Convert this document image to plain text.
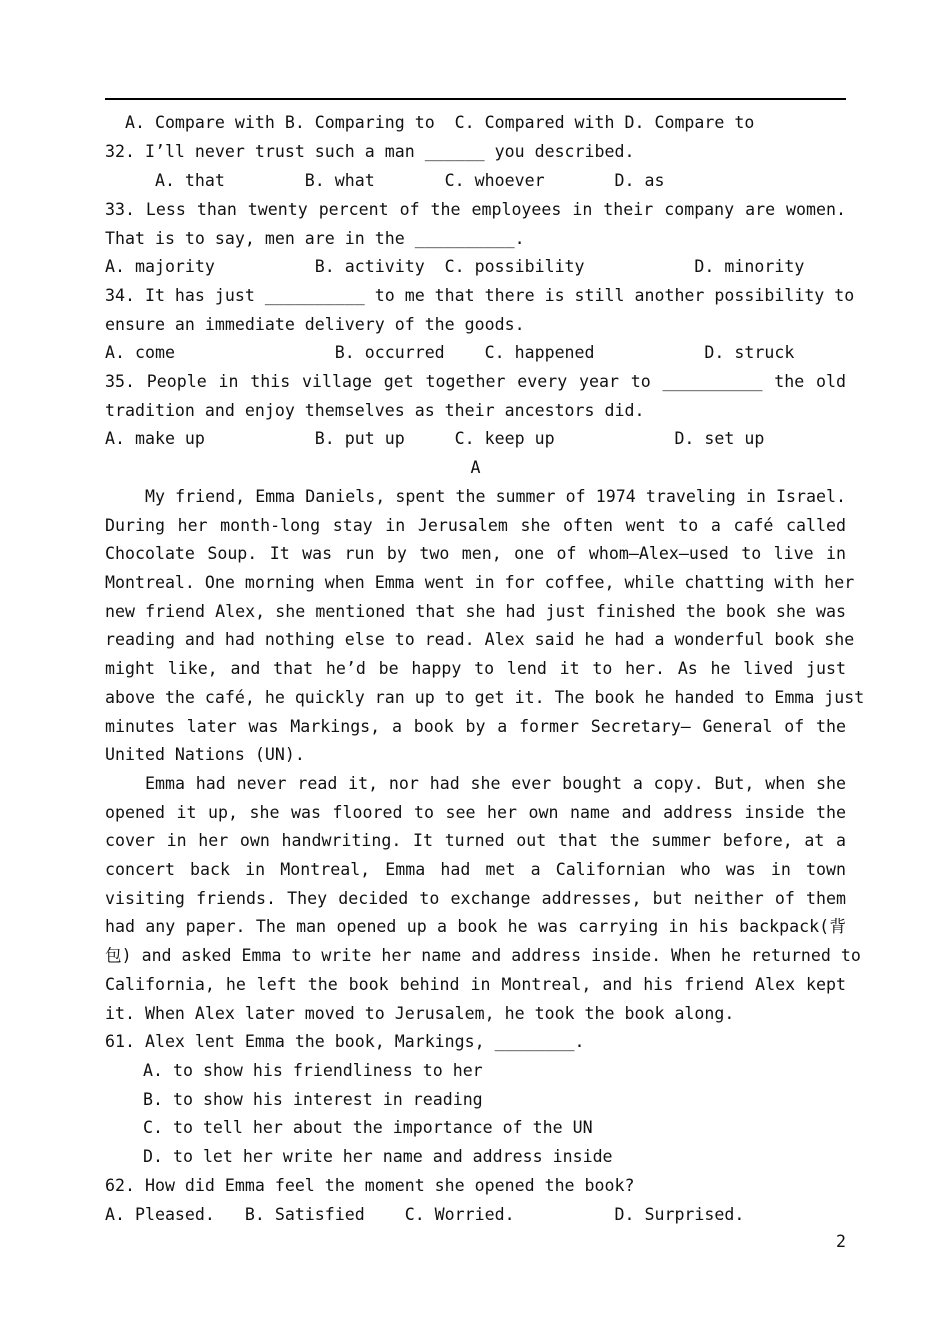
A. Compare with B. Comparing to  C. Compared with D. Compare to
32. I’ll never trust such a man ______ you described.
A. that        B. what       C. whoever       D. as
33. Less than twenty percent of the employees in their company are women.
That is to say, men are in the __________.
A. majority          B. activity  C. possibility           D. minority
34. It has just __________ to me that there is still another possibility to
ensure an immediate delivery of the goods.
A. come                B. occurred    C. happened           D. struck
35. People in this village get together every year to __________ the old
tradition and enjoy themselves as their ancestors did.
A. make up           B. put up     C. keep up            D. set up
A
My friend, Emma Daniels, spent the summer of 1974 traveling in Israel.
During her month-long stay in Jerusalem she often went to a café called
Chocolate Soup. It was run by two men, one of whom—Alex—used to live in
Montreal. One morning when Emma went in for coffee, while chatting with her
new friend Alex, she mentioned that she had just finished the book she was
reading and had nothing else to read. Alex said he had a wonderful book she
might like, and that he’d be happy to lend it to her. As he lived just
above the café, he quickly ran up to get it. The book he handed to Emma just
minutes later was Markings, a book by a former Secretary— General of the
United Nations (UN).
Emma had never read it, nor had she ever bought a copy. But, when she
opened it up, she was floored to see her own name and address inside the
cover in her own handwriting. It turned out that the summer before, at a
concert back in Montreal, Emma had met a Californian who was in town
visiting friends. They decided to exchange addresses, but neither of them
had any paper. The man opened up a book he was carrying in his backpack(背
包) and asked Emma to write her name and address inside. When he returned to
California, he left the book behind in Montreal, and his friend Alex kept
it. When Alex later moved to Jerusalem, he took the book along.
61. Alex lent Emma the book, Markings, ________.
A. to show his friendliness to her
B. to show his interest in reading
C. to tell her about the importance of the UN
D. to let her write her name and address inside
62. How did Emma feel the moment she opened the book?
A. Pleased.   B. Satisfied    C. Worried.          D. Surprised.
2
